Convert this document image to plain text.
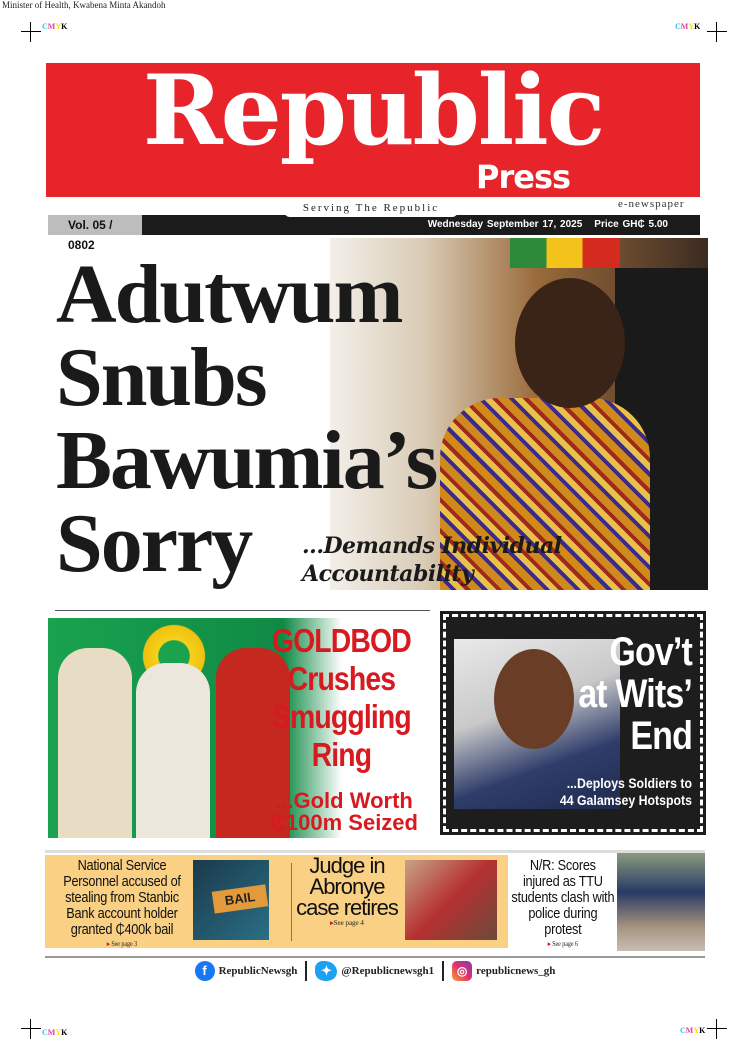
Minister of Health, Kwabena Minta Akandoh
CMYK	CMYK
CMYK	CMYK
Republic
Press
Serving The Republic	e-newspaper
Vol. 05 / 0802
Wednesday September 17, 2025 Price GH₵ 5.00
Adutwum
Snubs
Bawumia’s
Sorry ...Demands Individual
Accountability
GOLDBOD
Crushes
Smuggling
Ring
...Gold Worth
₵100m Seized
Gov’t
at Wits’
End
...Deploys Soldiers to
44 Galamsey Hotspots
National Service Personnel accused of stealing from Stanbic Bank account holder granted ₵400k bail
▸ See page 3
BAIL
Judge in Abronye case retires
▸See page 4
N/R: Scores injured as TTU students clash with police during protest
▸ See page 6
f	RepublicNewsgh	✦ @Republicnewsgh1	◎ republicnews_gh
